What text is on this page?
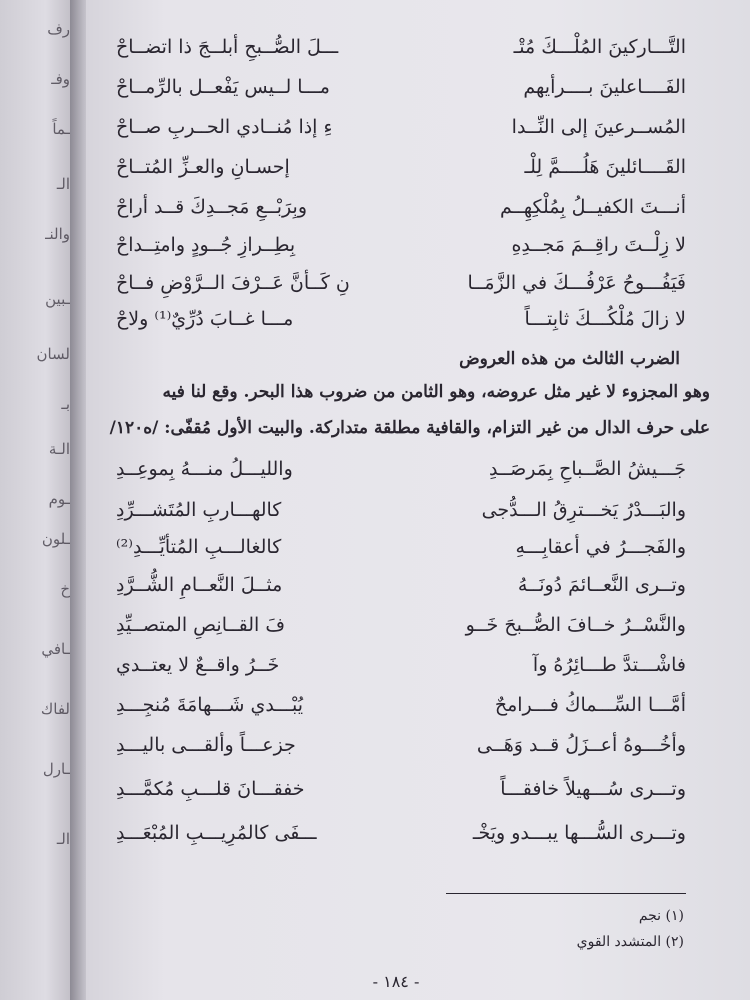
رف
وفـ
ـماً
الـ
والنـ
ـبين
لسان
بـ
الـة
ـوم
ـلون
خ
ـافي
لفاك
ـارل
الـ
التَّـــاركينَ المُلْـــكَ مُتْـ
ـــلَ الصُّــبحِ أبلــجَ ذا اتضــاحْ
الفَــــاعلينَ بــــرأيهم
مـــا لــيس يَفْعــل بالرِّمــاحْ
المُســرعينَ إلى النِّــدا
ءِ إذا مُنــادي الحــربِ صــاحْ
القَــــائلينَ هَلُــــمَّ لِلْـ
إحسـانِ والعـزِّ المُتــاحْ
أنـــتَ الكفيــلُ بِمُلْكِهِــم
وبِرَبْــعِ مَجــدِكَ قــد أراحْ
لا زِلْــتَ راقِــمَ مَجــدِهِ
بِطِــرازِ جُــودٍ وامتِــداحْ
فَيَفُـــوحُ عَرْفُـــكَ في الزَّمَــا
نِ كَــأنَّ عَــرْفَ الــرَّوْضِ فــاحْ
لا زالَ مُلْكُـــكَ ثابِتـــاً
مـــا غــابَ دُرِّيٌ⁽¹⁾ ولاحْ
الضرب الثالث من هذه العروض
وهو المجزوء لا غير مثل عروضه، وهو الثامن من ضروب هذا البحر. وقع لنا فيه
على حرف الدال من غير التزام، والقافية مطلقة متداركة. والبيت الأول مُقفّى: /ه١٢٠/
جَـــيشُ الصَّــباحِ بِمَرصَــدِ
والليـــلُ منـــهُ بِموعِــدِ
والبَـــدْرُ يَخـــترِقُ الـــدُّجى
كالهـــاربِ المُتَشـــرِّدِ
والفَجـــرُ في أعقابِـــهِ
كالغالـــبِ المُتأيِّـــدِ⁽²⁾
وتــرى النَّعــائمَ دُونَــهُ
مثــلَ النَّعــامِ الشُّــرَّدِ
والنَّسْــرُ خــافَ الصُّــبحَ خَــو
فَ القــانِصِ المتصــيِّدِ
فاشْـــتدَّ طـــائِرُهُ وآ
خَــرُ واقــعٌ لا يعتــدي
أمَّـــا السِّـــماكُ فـــرامحٌ
يُبْـــدي شَـــهامَةَ مُنجِـــدِ
وأخُـــوهُ أعــزَلُ قــد وَهَــى
جزعـــاً وألقـــى باليـــدِ
وتـــرى سُـــهيلاً خافقـــاً
خفقـــانَ قلـــبِ مُكمَّـــدِ
وتـــرى السُّـــها يبـــدو ويَخْـ
ـــفَى كالمُرِيـــبِ المُبْعَـــدِ
(١) نجم
(٢) المتشدد القوي
- ١٨٤ -
